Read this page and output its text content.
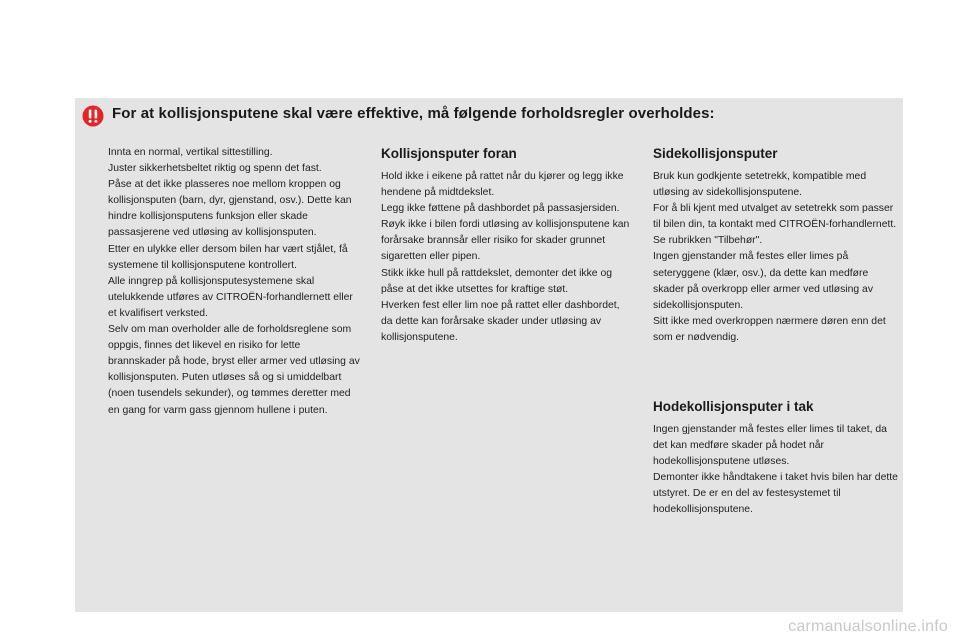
For at kollisjonsputene skal være effektive, må følgende forholdsregler overholdes:

Innta en normal, vertikal sittestilling.
Juster sikkerhetsbeltet riktig og spenn det fast.
Påse at det ikke plasseres noe mellom kroppen og kollisjonsputen (barn, dyr, gjenstand, osv.). Dette kan hindre kollisjonsputens funksjon eller skade passasjerene ved utløsing av kollisjonsputen.
Etter en ulykke eller dersom bilen har vært stjålet, få systemene til kollisjonsputene kontrollert.
Alle inngrep på kollisjonsputesystemene skal utelukkende utføres av CITROËN-forhandlernett eller et kvalifisert verksted.
Selv om man overholder alle de forholdsreglene som oppgis, finnes det likevel en risiko for lette brannskader på hode, bryst eller armer ved utløsing av kollisjonsputen. Puten utløses så og si umiddelbart (noen tusendels sekunder), og tømmes deretter med en gang for varm gass gjennom hullene i puten.

Kollisjonsputer foran

Hold ikke i eikene på rattet når du kjører og legg ikke hendene på midtdekslet.
Legg ikke føttene på dashbordet på passasjersiden.
Røyk ikke i bilen fordi utløsing av kollisjonsputene kan forårsake brannsår eller risiko for skader grunnet sigaretten eller pipen.
Stikk ikke hull på rattdekslet, demonter det ikke og påse at det ikke utsettes for kraftige støt.
Hverken fest eller lim noe på rattet eller dashbordet, da dette kan forårsake skader under utløsing av kollisjonsputene.

Sidekollisjonsputer

Bruk kun godkjente setetrekk, kompatible med utløsing av sidekollisjonsputene.
For å bli kjent med utvalget av setetrekk som passer til bilen din, ta kontakt med CITROËN-forhandlernett.
Se rubrikken "Tilbehør".
Ingen gjenstander må festes eller limes på seteryggene (klær, osv.), da dette kan medføre skader på overkropp eller armer ved utløsing av sidekollisjonsputen.
Sitt ikke med overkroppen nærmere døren enn det som er nødvendig.

Hodekollisjonsputer i tak

Ingen gjenstander må festes eller limes til taket, da det kan medføre skader på hodet når hodekollisjonsputene utløses.
Demonter ikke håndtakene i taket hvis bilen har dette utstyret. De er en del av festesystemet til hodekollisjonsputene.

carmanualsonline.info
